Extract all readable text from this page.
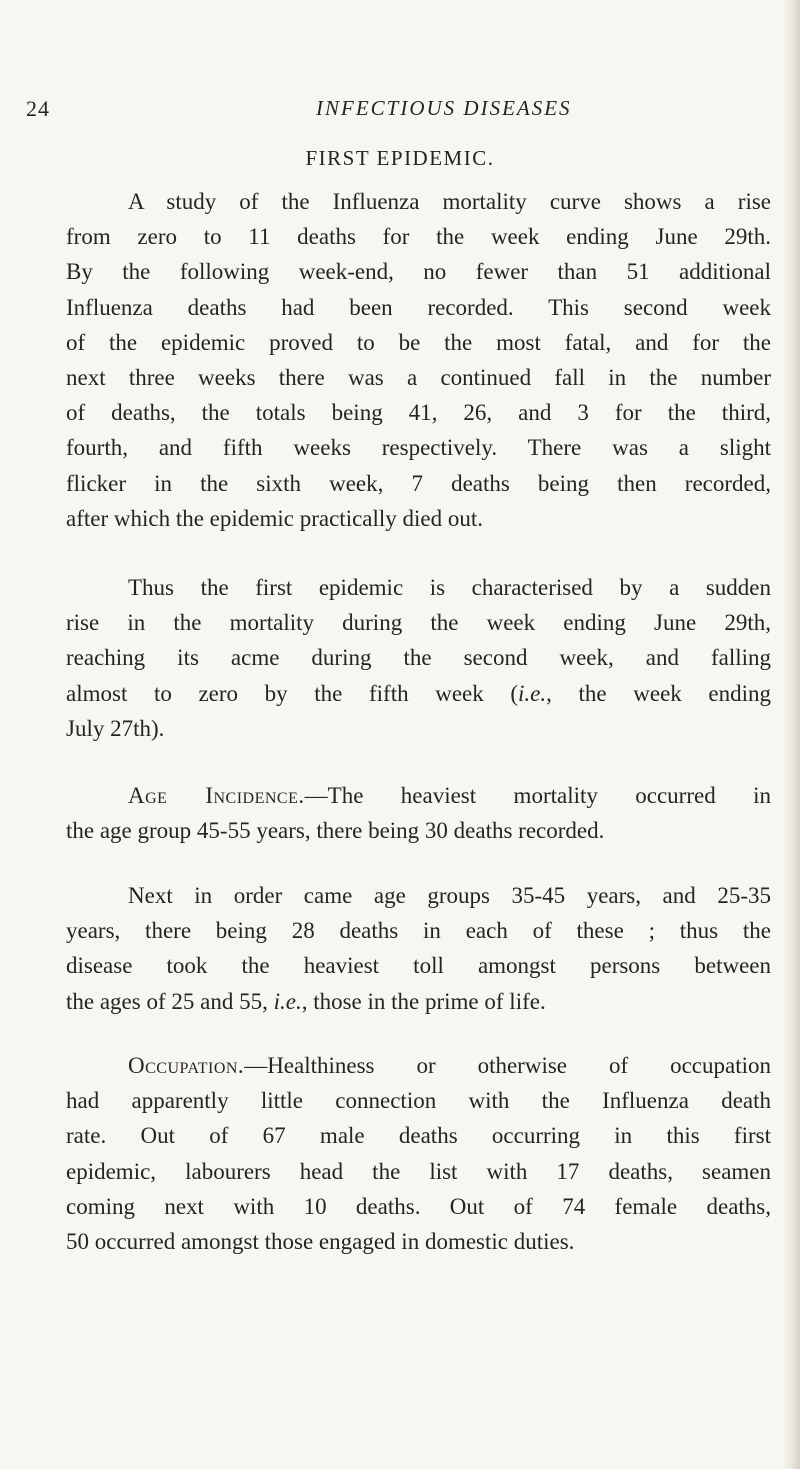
24	INFECTIOUS DISEASES
FIRST EPIDEMIC.

A study of the Influenza mortality curve shows a rise
from zero to 11 deaths for the week ending June 29th.
By the following week-end, no fewer than 51 additional
Influenza deaths had been recorded. This second week
of the epidemic proved to be the most fatal, and for the
next three weeks there was a continued fall in the number
of deaths, the totals being 41, 26, and 3 for the third,
fourth, and fifth weeks respectively. There was a slight
flicker in the sixth week, 7 deaths being then recorded,
after which the epidemic practically died out.

Thus the first epidemic is characterised by a sudden
rise in the mortality during the week ending June 29th,
reaching its acme during the second week, and falling
almost to zero by the fifth week (i.e., the week ending
July 27th).

Age Incidence.—The heaviest mortality occurred in
the age group 45-55 years, there being 30 deaths recorded.

Next in order came age groups 35-45 years, and 25-35
years, there being 28 deaths in each of these ; thus the
disease took the heaviest toll amongst persons between
the ages of 25 and 55, i.e., those in the prime of life.

Occupation.—Healthiness or otherwise of occupation
had apparently little connection with the Influenza death
rate. Out of 67 male deaths occurring in this first
epidemic, labourers head the list with 17 deaths, seamen
coming next with 10 deaths. Out of 74 female deaths,
50 occurred amongst those engaged in domestic duties.
